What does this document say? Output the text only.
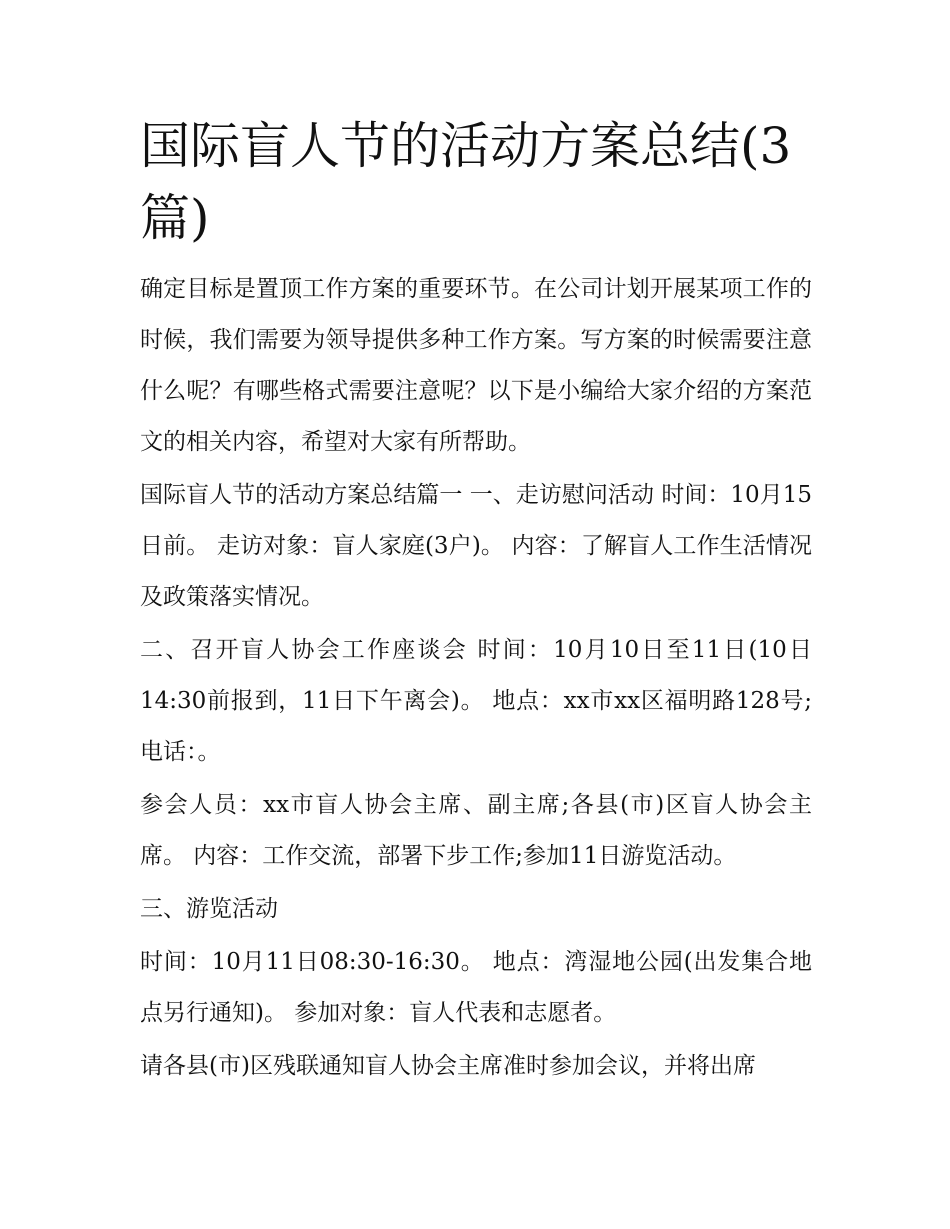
国际盲人节的活动方案总结(3篇)

确定目标是置顶工作方案的重要环节。在公司计划开展某项工作的时候，我们需要为领导提供多种工作方案。写方案的时候需要注意什么呢？有哪些格式需要注意呢？以下是小编给大家介绍的方案范文的相关内容，希望对大家有所帮助。

国际盲人节的活动方案总结篇一 一、走访慰问活动 时间：10月15日前。 走访对象：盲人家庭(3户)。 内容：了解盲人工作生活情况及政策落实情况。

二、召开盲人协会工作座谈会 时间：10月10日至11日(10日14:30前报到，11日下午离会)。 地点：xx市xx区福明路128号;电话：。

参会人员：xx市盲人协会主席、副主席;各县(市)区盲人协会主席。 内容：工作交流，部署下步工作;参加11日游览活动。

三、游览活动

时间：10月11日08:30-16:30。 地点：湾湿地公园(出发集合地点另行通知)。 参加对象：盲人代表和志愿者。

请各县(市)区残联通知盲人协会主席准时参加会议，并将出席
